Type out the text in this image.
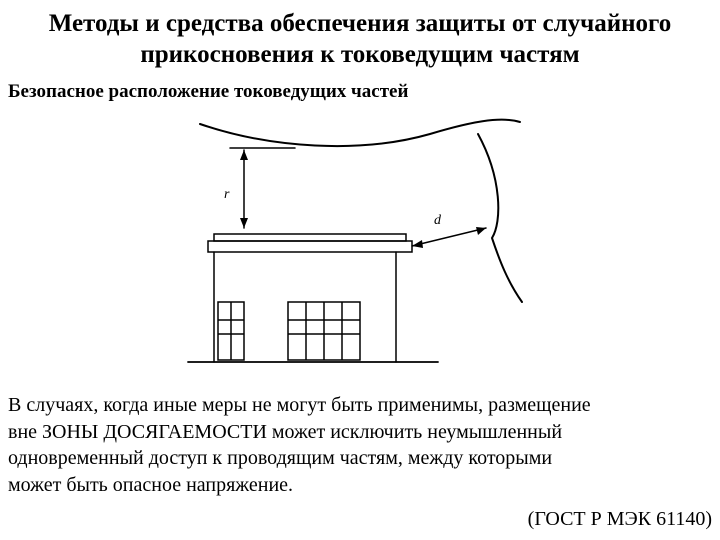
Методы и средства обеспечения защиты от случайного
прикосновения к токоведущим частям
Безопасное расположение токоведущих частей
r
d
В случаях, когда иные меры не могут быть применимы, размещение
вне ЗОНЫ ДОСЯГАЕМОСТИ может исключить неумышленный
одновременный доступ к проводящим частям, между которыми
может быть опасное напряжение.
(ГОСТ Р МЭК 61140)
